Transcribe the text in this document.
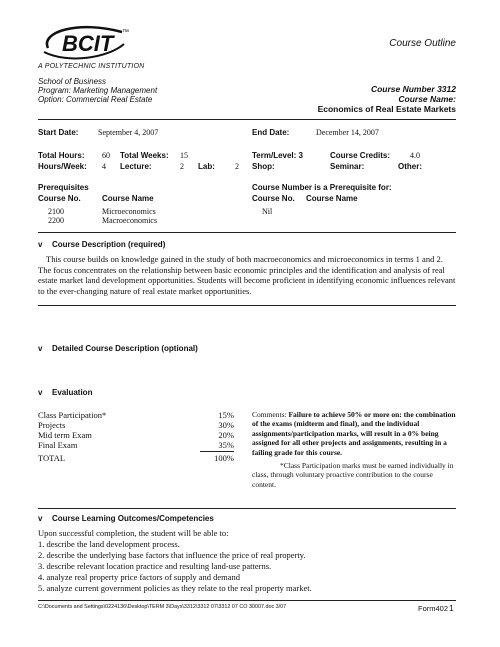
BCIT ™
A POLYTECHNIC INSTITUTION
Course Outline
School of Business
Program: Marketing Management
Option: Commercial Real Estate
Course Number 3312
Course Name:
Economics of Real Estate Markets
Start Date: September 4, 2007	End Date:	December 14, 2007
Total Hours: 60 Total Weeks: 15	Term/Level: 3	Course Credits: 4.0
Hours/Week: 4 Lecture:	2 Lab:	2 Shop:	Seminar:	Other:
Prerequisites
Course No.	Course Name
2100	Microeconomics
2200	Macroeconomics
Course Number is a Prerequisite for:
Course No. Course Name
Nil
v Course Description (required)
This course builds on knowledge gained in the study of both macroeconomics and microeconomics in terms 1 and 2. The focus concentrates on the relationship between basic economic principles and the identification and analysis of real estate market land development opportunities. Students will become proficient in identifying economic influences relevant to the ever-changing nature of real estate market opportunities.
v Detailed Course Description (optional)
v Evaluation
Class Participation*	15%
Projects	30%
Mid term Exam	20%
Final Exam	35%
TOTAL	100%
Comments: Failure to achieve 50% or more on: the combination of the exams (midterm and final), and the individual assignments/participation marks, will result in a 0% being assigned for all other projects and assignments, resulting in a failing grade for this course.
*Class Participation marks must be earned individually in class, through voluntary proactive contribution to the course content.
v Course Learning Outcomes/Competencies
Upon successful completion, the student will be able to:
1. describe the land development process.
2. describe the underlying base factors that influence the price of real property.
3. describe relevant location practice and resulting land-use patterns.
4. analyze real property price factors of supply and demand
5. analyze current government policies as they relate to the real property market.
C:\Documents and Settings\0224136\Desktop\TERM 3\Days\3312\3312 07\3312 07 CO 30007.doc 3/07	Form402 1
